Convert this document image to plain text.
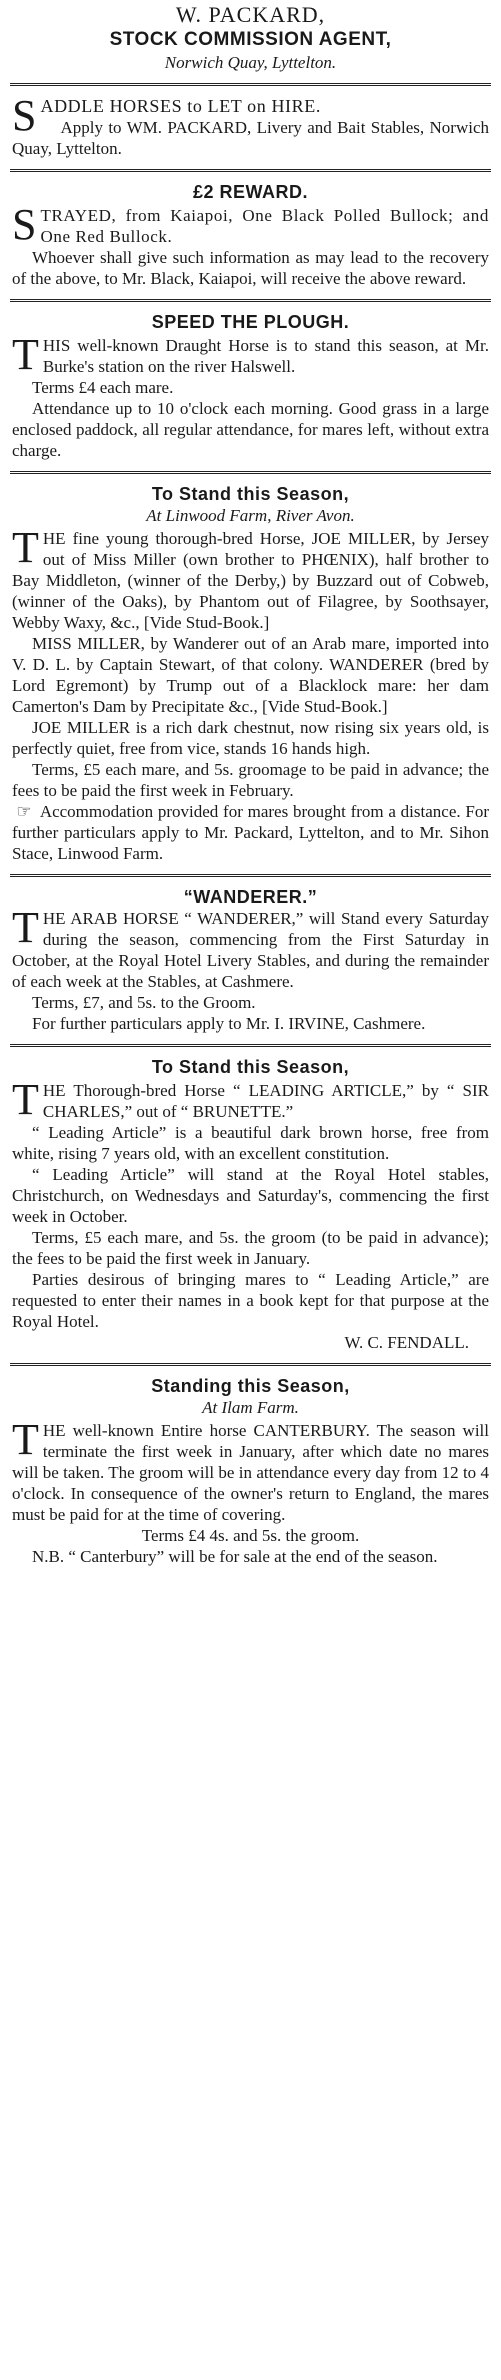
W. PACKARD,
STOCK COMMISSION AGENT,
Norwich Quay, Lyttelton.
S ADDLE HORSES to LET on HIRE.

Apply to WM. PACKARD, Livery and Bait Stables, Norwich Quay, Lyttelton.

£2 REWARD.
S TRAYED, from Kaiapoi, One Black Polled Bullock; and One Red Bullock.

Whoever shall give such information as may lead to the recovery of the above, to Mr. Black, Kaiapoi, will receive the above reward.

SPEED THE PLOUGH.
T HIS well-known Draught Horse is to stand this season, at Mr. Burke's station on the river Halswell.

Terms £4 each mare.

Attendance up to 10 o'clock each morning. Good grass in a large enclosed paddock, all regular attendance, for mares left, without extra charge.

To Stand this Season,
At Linwood Farm, River Avon.
T HE fine young thorough-bred Horse, JOE MILLER, by Jersey out of Miss Miller (own brother to PHŒNIX), half brother to Bay Middleton, (winner of the Derby,) by Buzzard out of Cobweb, (winner of the Oaks), by Phantom out of Filagree, by Soothsayer, Webby Waxy, &c., [Vide Stud-Book.]

MISS MILLER, by Wanderer out of an Arab mare, imported into V. D. L. by Captain Stewart, of that colony. WANDERER (bred by Lord Egremont) by Trump out of a Blacklock mare: her dam Camerton's Dam by Precipitate &c., [Vide Stud-Book.]

JOE MILLER is a rich dark chestnut, now rising six years old, is perfectly quiet, free from vice, stands 16 hands high.

Terms, £5 each mare, and 5s. groomage to be paid in advance; the fees to be paid the first week in February.

☞ Accommodation provided for mares brought from a distance. For further particulars apply to Mr. Packard, Lyttelton, and to Mr. Sihon Stace, Linwood Farm.

“WANDERER.”
T HE ARAB HORSE “ WANDERER,” will Stand every Saturday during the season, commencing from the First Saturday in October, at the Royal Hotel Livery Stables, and during the remainder of each week at the Stables, at Cashmere.

Terms, £7, and 5s. to the Groom.

For further particulars apply to Mr. I. IRVINE, Cashmere.

To Stand this Season,
T HE Thorough-bred Horse “ LEADING ARTICLE,” by “ SIR CHARLES,” out of “ BRUNETTE.”

“ Leading Article” is a beautiful dark brown horse, free from white, rising 7 years old, with an excellent constitution.

“ Leading Article” will stand at the Royal Hotel stables, Christchurch, on Wednesdays and Saturday's, commencing the first week in October.

Terms, £5 each mare, and 5s. the groom (to be paid in advance); the fees to be paid the first week in January.

Parties desirous of bringing mares to “ Leading Article,” are requested to enter their names in a book kept for that purpose at the Royal Hotel.

W. C. FENDALL.

Standing this Season,
At Ilam Farm.
T HE well-known Entire horse CANTERBURY. The season will terminate the first week in January, after which date no mares will be taken. The groom will be in attendance every day from 12 to 4 o'clock. In consequence of the owner's return to England, the mares must be paid for at the time of covering.

Terms £4 4s. and 5s. the groom.

N.B. “ Canterbury” will be for sale at the end of the season.
